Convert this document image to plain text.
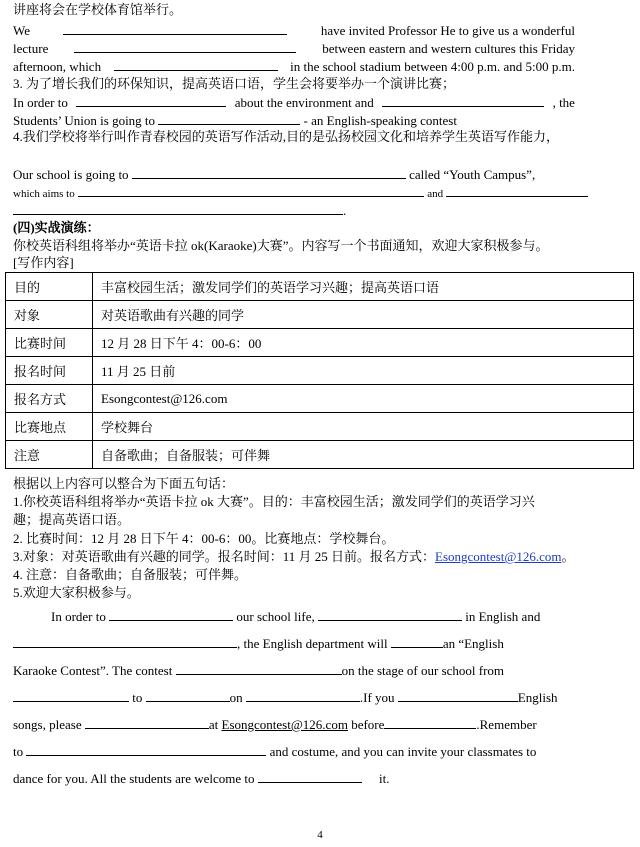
讲座将会在学校体育馆举行。
We	have invited Professor He to give us a wonderful
lecture	between eastern and western cultures this Friday
afternoon, which	in the school stadium between 4:00 p.m. and 5:00 p.m.
3. 为了增长我们的环保知识，提高英语口语，学生会将要举办一个演讲比赛；
In order to	about the environment and	, the
Students’ Union is going to	- an English-speaking contest
4.我们学校将举行叫作青春校园的英语写作活动,目的是弘扬校园文化和培养学生英语写作能力，
Our school is going to	called “Youth Campus”,
which aims to	and
.
(四)实战演练：
你校英语科组将举办“英语卡拉 ok(Karaoke)大赛”。内容写一个书面通知，欢迎大家积极参与。
[写作内容]
目的	丰富校园生活；激发同学们的英语学习兴趣；提高英语口语
对象	对英语歌曲有兴趣的同学
比赛时间	12 月 28 日下午 4：00-6：00
报名时间	11 月 25 日前
报名方式	Esongcontest@126.com
比赛地点	学校舞台
注意	自备歌曲；自备服装；可伴舞
根据以上内容可以整合为下面五句话：
1.你校英语科组将举办“英语卡拉 ok 大赛”。目的：丰富校园生活；激发同学们的英语学习兴
趣；提高英语口语。
2. 比赛时间：12 月 28 日下午 4：00-6：00。比赛地点：学校舞台。
3.对象：对英语歌曲有兴趣的同学。报名时间：11 月 25 日前。报名方式：Esongcontest@126.com。
4. 注意：自备歌曲；自备服装；可伴舞。
5.欢迎大家积极参与。
In order to	our school life,	in English and
, the English department will	an “English
Karaoke Contest”. The contest	on the stage of our school from
to	on	.If you	English
songs, please	at Esongcontest@126.com before	.Remember
to	and costume, and you can invite your classmates to
dance for you. All the students are welcome to	it.
4
